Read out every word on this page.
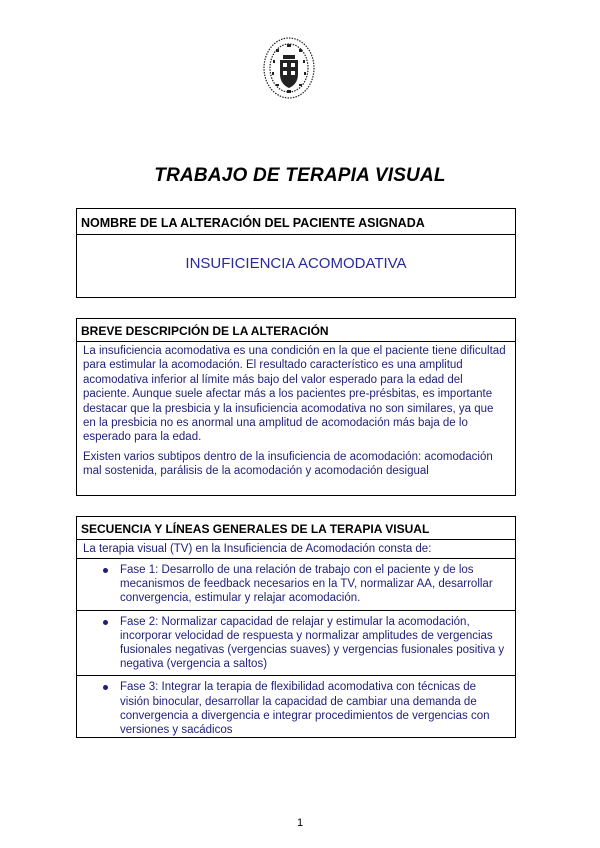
TRABAJO DE TERAPIA VISUAL
NOMBRE DE LA ALTERACIÓN DEL PACIENTE ASIGNADA
INSUFICIENCIA ACOMODATIVA
BREVE DESCRIPCIÓN DE LA ALTERACIÓN

La insuficiencia acomodativa es una condición en la que el paciente tiene dificultad para estimular la acomodación. El resultado característico es una amplitud acomodativa inferior al límite más bajo del valor esperado para la edad del paciente. Aunque suele afectar más a los pacientes pre-présbitas, es importante destacar que la presbicia y la insuficiencia acomodativa no son similares, ya que en la presbicia no es anormal una amplitud de acomodación más baja de lo esperado para la edad.

Existen varios subtipos dentro de la insuficiencia de acomodación: acomodación mal sostenida, parálisis de la acomodación y acomodación desigual

SECUENCIA Y LÍNEAS GENERALES DE LA TERAPIA VISUAL
La terapia visual (TV) en la Insuficiencia de Acomodación consta de:
Fase 1: Desarrollo de una relación de trabajo con el paciente y de los mecanismos de feedback necesarios en la TV, normalizar AA, desarrollar convergencia, estimular y relajar acomodación.
Fase 2: Normalizar capacidad de relajar y estimular la acomodación, incorporar velocidad de respuesta y normalizar amplitudes de vergencias fusionales negativas (vergencias suaves) y vergencias fusionales positiva y negativa (vergencia a saltos)
Fase 3: Integrar la terapia de flexibilidad acomodativa con técnicas de visión binocular, desarrollar la capacidad de cambiar una demanda de convergencia a divergencia e integrar procedimientos de vergencias con versiones y sacádicos
1
